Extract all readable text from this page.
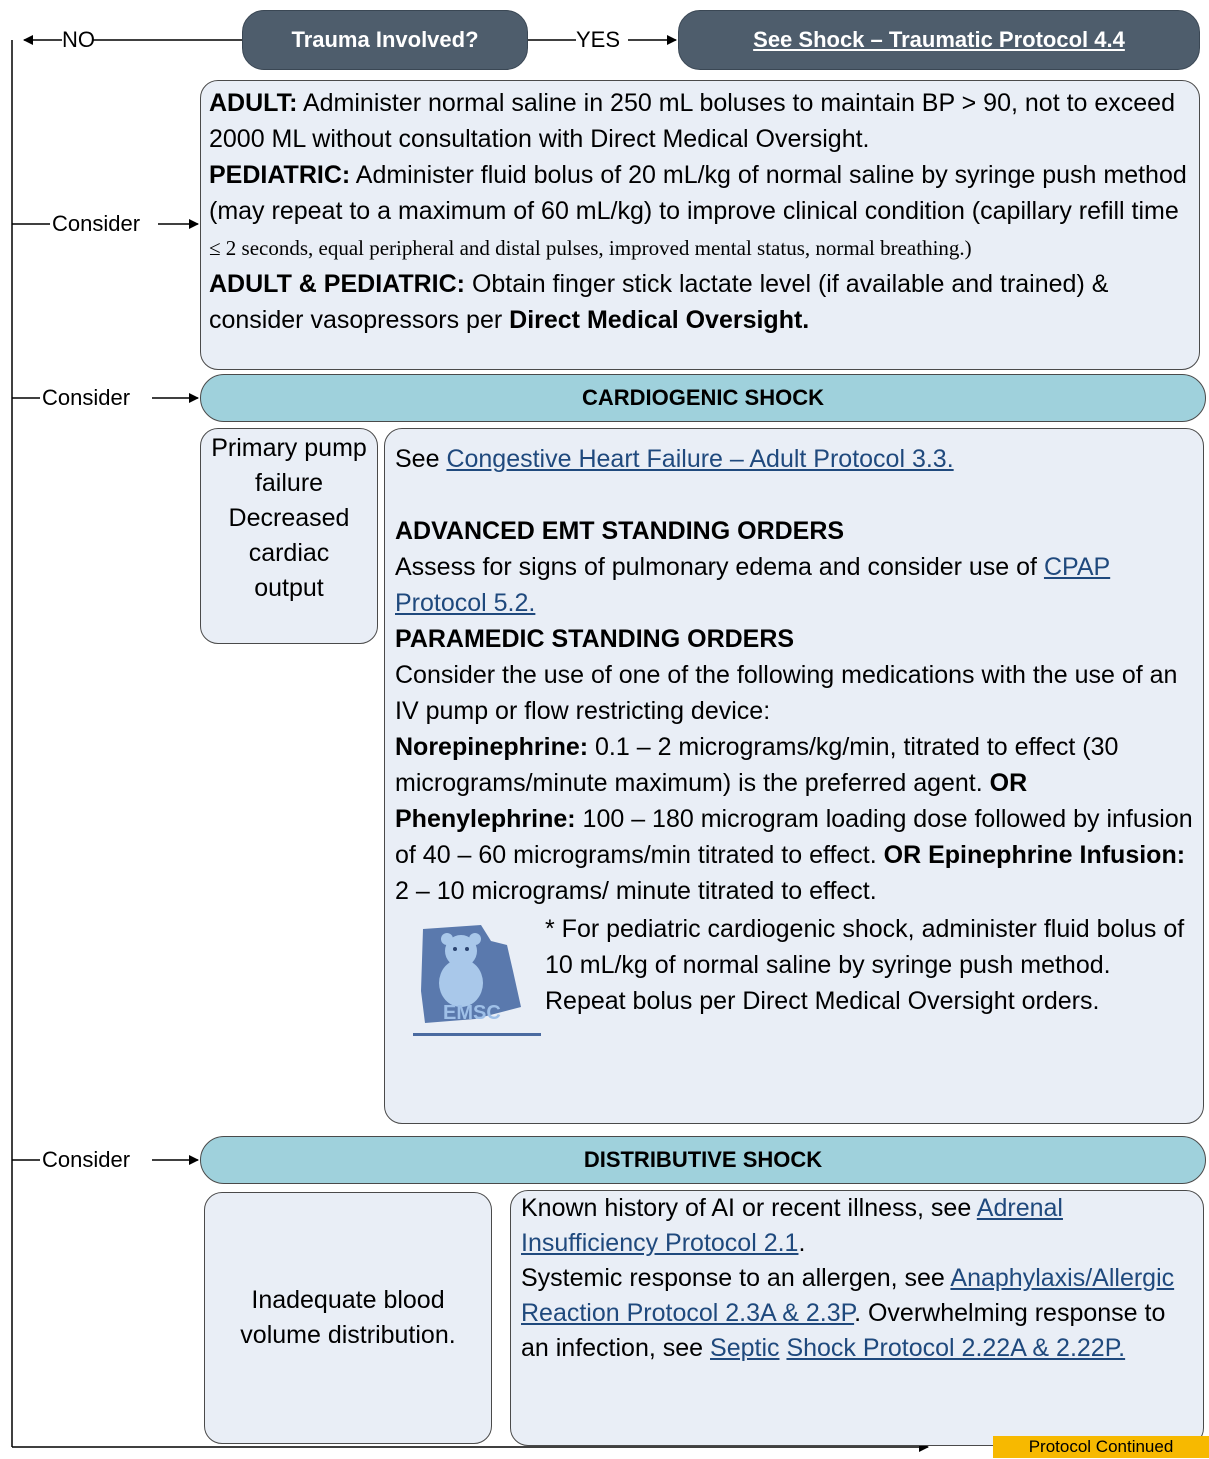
NO	Trauma Involved?	YES	See Shock – Traumatic Protocol 4.4
Consider
Consider
Consider

ADULT: Administer normal saline in 250 mL boluses to maintain BP > 90, not to exceed 2000 ML without consultation with Direct Medical Oversight.

PEDIATRIC: Administer fluid bolus of 20 mL/kg of normal saline by syringe push method (may repeat to a maximum of 60 mL/kg) to improve clinical condition (capillary refill time ≤ 2 seconds, equal peripheral and distal pulses, improved mental status, normal breathing.)

ADULT & PEDIATRIC: Obtain finger stick lactate level (if available and trained) & consider vasopressors per Direct Medical Oversight.

CARDIOGENIC SHOCK
Primary pump failure Decreased cardiac output

See Congestive Heart Failure – Adult Protocol 3.3.

ADVANCED EMT STANDING ORDERS

Assess for signs of pulmonary edema and consider use of CPAP Protocol 5.2.

PARAMEDIC STANDING ORDERS

Consider the use of one of the following medications with the use of an IV pump or flow restricting device:

Norepinephrine: 0.1 – 2 micrograms/kg/min, titrated to effect (30 micrograms/minute maximum) is the preferred agent. OR

Phenylephrine: 100 – 180 microgram loading dose followed by infusion of 40 – 60 micrograms/min titrated to effect. OR Epinephrine Infusion: 2 – 10 micrograms/ minute titrated to effect.

EMSC

* For pediatric cardiogenic shock, administer fluid bolus of 10 mL/kg of normal saline by syringe push method. Repeat bolus per Direct Medical Oversight orders.

DISTRIBUTIVE SHOCK
Inadequate blood volume distribution.

Known history of AI or recent illness, see Adrenal Insufficiency Protocol 2.1.

Systemic response to an allergen, see Anaphylaxis/Allergic Reaction Protocol 2.3A & 2.3P. Overwhelming response to an infection, see Septic Shock Protocol 2.22A & 2.22P.

Protocol Continued
